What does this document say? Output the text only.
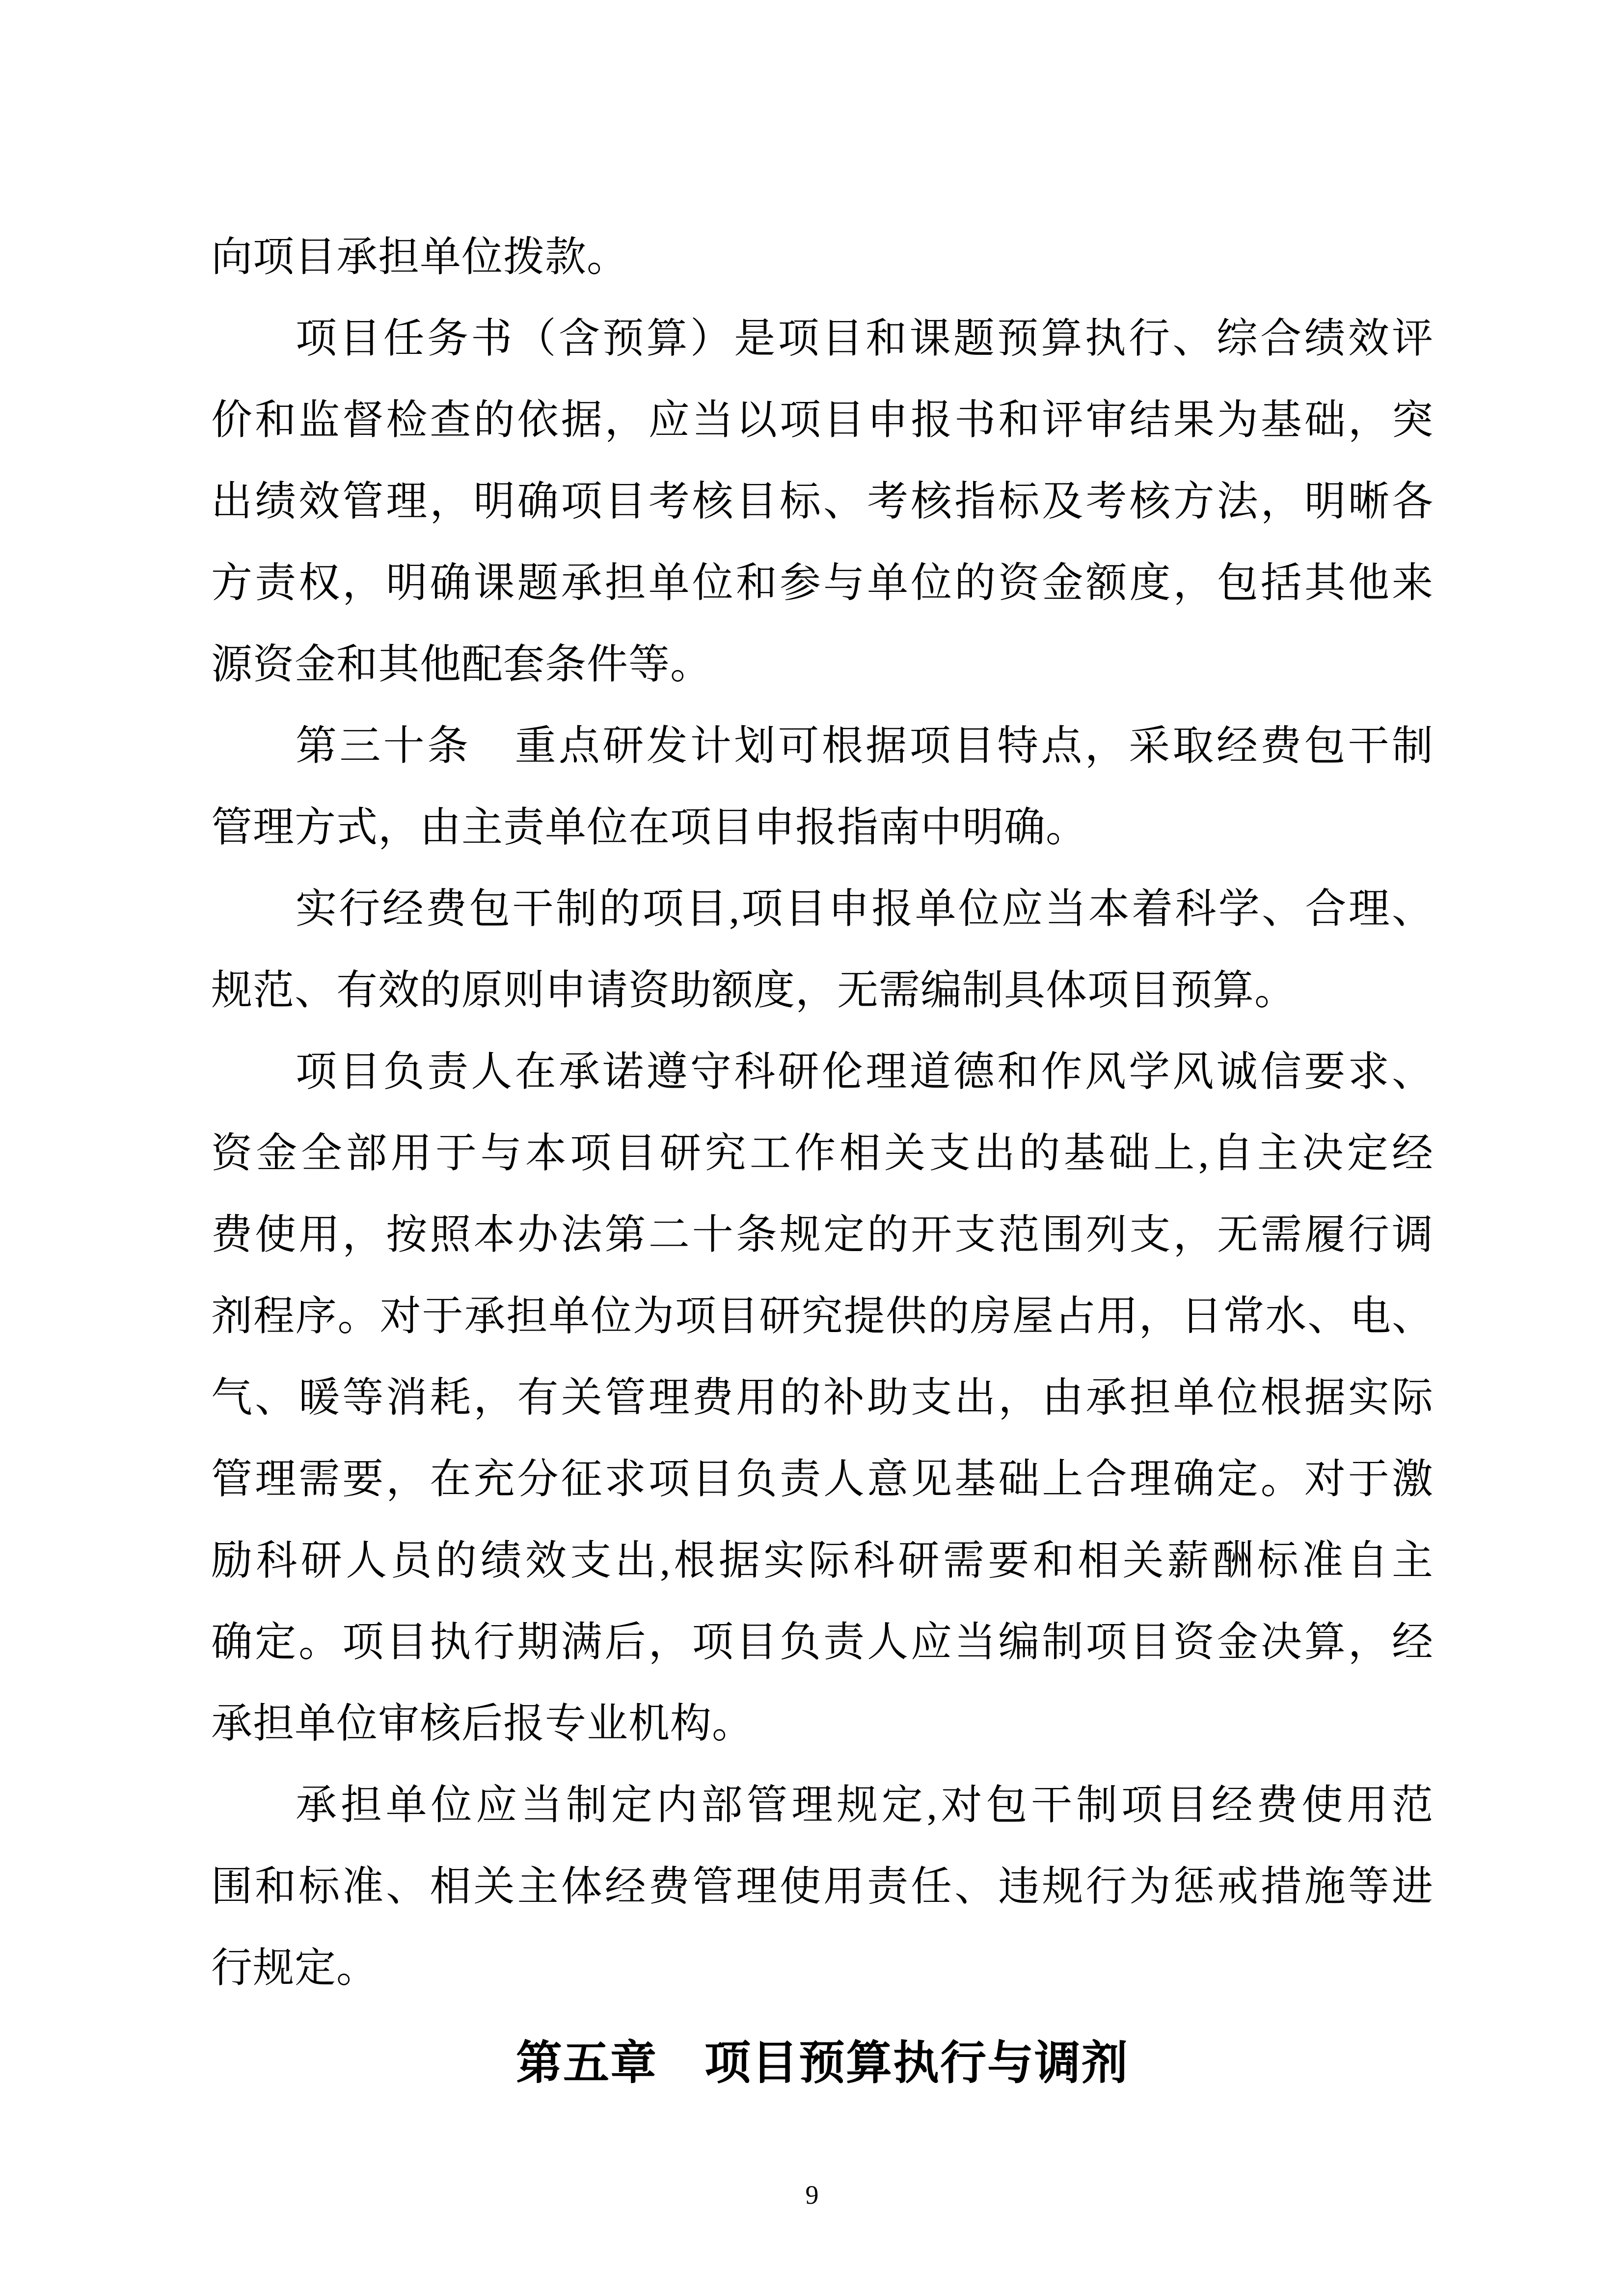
向项目承担单位拨款。
项目任务书（含预算）是项目和课题预算执行、综合绩效评
价和监督检查的依据，应当以项目申报书和评审结果为基础，突
出绩效管理，明确项目考核目标、考核指标及考核方法，明晰各
方责权，明确课题承担单位和参与单位的资金额度，包括其他来
源资金和其他配套条件等。
第三十条　重点研发计划可根据项目特点，采取经费包干制
管理方式，由主责单位在项目申报指南中明确。
实行经费包干制的项目,项目申报单位应当本着科学、合理、
规范、有效的原则申请资助额度，无需编制具体项目预算。
项目负责人在承诺遵守科研伦理道德和作风学风诚信要求、
资金全部用于与本项目研究工作相关支出的基础上,自主决定经
费使用，按照本办法第二十条规定的开支范围列支，无需履行调
剂程序。对于承担单位为项目研究提供的房屋占用，日常水、电、
气、暖等消耗，有关管理费用的补助支出，由承担单位根据实际
管理需要，在充分征求项目负责人意见基础上合理确定。对于激
励科研人员的绩效支出,根据实际科研需要和相关薪酬标准自主
确定。项目执行期满后，项目负责人应当编制项目资金决算，经
承担单位审核后报专业机构。
承担单位应当制定内部管理规定,对包干制项目经费使用范
围和标准、相关主体经费管理使用责任、违规行为惩戒措施等进
行规定。
第五章　项目预算执行与调剂
9
